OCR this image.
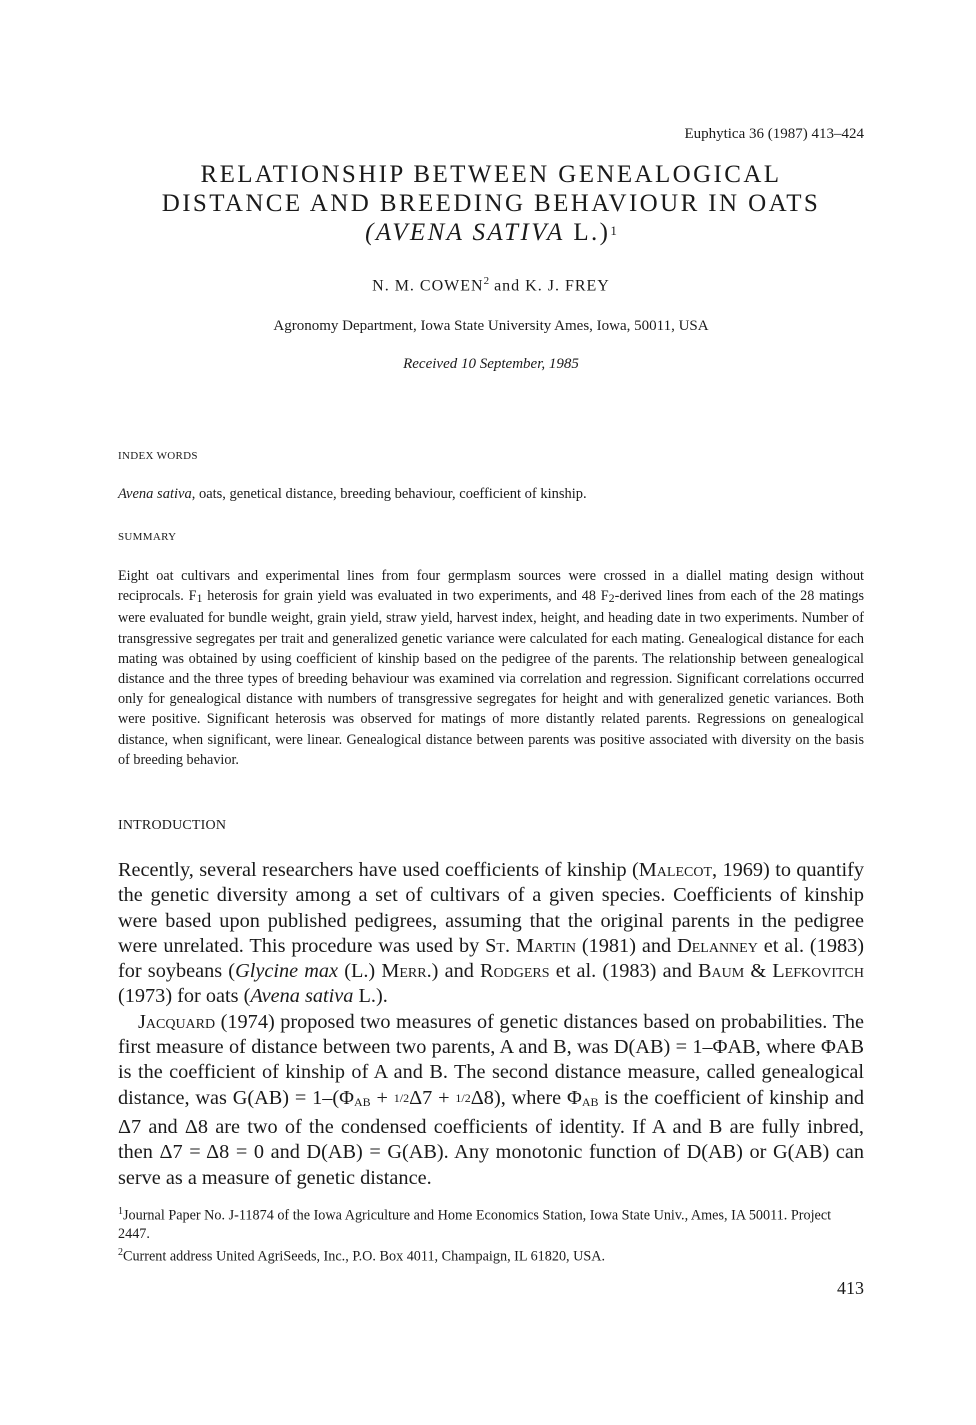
Euphytica 36 (1987) 413–424
RELATIONSHIP BETWEEN GENEALOGICAL
DISTANCE AND BREEDING BEHAVIOUR IN OATS
(AVENA SATIVA L.)$^1$
N. M. COWEN$^2$ and K. J. FREY
Agronomy Department, Iowa State University Ames, Iowa, 50011, USA
Received 10 September, 1985
INDEX WORDS
Avena sativa, oats, genetical distance, breeding behaviour, coefficient of kinship.
SUMMARY
Eight oat cultivars and experimental lines from four germplasm sources were crossed in a diallel mating design without reciprocals. F1 heterosis for grain yield was evaluated in two experiments, and 48 F2-derived lines from each of the 28 matings were evaluated for bundle weight, grain yield, straw yield, harvest index, height, and heading date in two experiments. Number of transgressive segregates per trait and generalized genetic variance were calculated for each mating. Genealogical distance for each mating was obtained by using coefficient of kinship based on the pedigree of the parents. The relationship between genealogical distance and the three types of breeding behaviour was examined via correlation and regression. Significant correlations occurred only for genealogical distance with numbers of transgressive segregates for height and with generalized genetic variances. Both were positive. Significant heterosis was observed for matings of more distantly related parents. Regressions on genealogical distance, when significant, were linear. Genealogical distance between parents was positive associated with diversity on the basis of breeding behavior.
INTRODUCTION

Recently, several researchers have used coefficients of kinship (Malecot, 1969) to quantify the genetic diversity among a set of cultivars of a given species. Coefficients of kinship were based upon published pedigrees, assuming that the original parents in the pedigree were unrelated. This procedure was used by St. Martin (1981) and Delanney et al. (1983) for soybeans (Glycine max (L.) Merr.) and Rodgers et al. (1983) and Baum & Lefkovitch (1973) for oats (Avena sativa L.).

Jacquard (1974) proposed two measures of genetic distances based on probabilities. The first measure of distance between two parents, A and B, was D(AB) = 1–ΦAB, where ΦAB is the coefficient of kinship of A and B. The second distance measure, called genealogical distance, was G(AB) = 1–(ΦAB + 1/2Δ7 + 1/2Δ8), where ΦAB is the coefficient of kinship and Δ7 and Δ8 are two of the condensed coefficients of identity. If A and B are fully inbred, then Δ7 = Δ8 = 0 and D(AB) = G(AB). Any monotonic function of D(AB) or G(AB) can serve as a measure of genetic distance.

$^1$Journal Paper No. J-11874 of the Iowa Agriculture and Home Economics Station, Iowa State Univ., Ames, IA 50011. Project 2447.

$^2$Current address United AgriSeeds, Inc., P.O. Box 4011, Champaign, IL 61820, USA.

413
